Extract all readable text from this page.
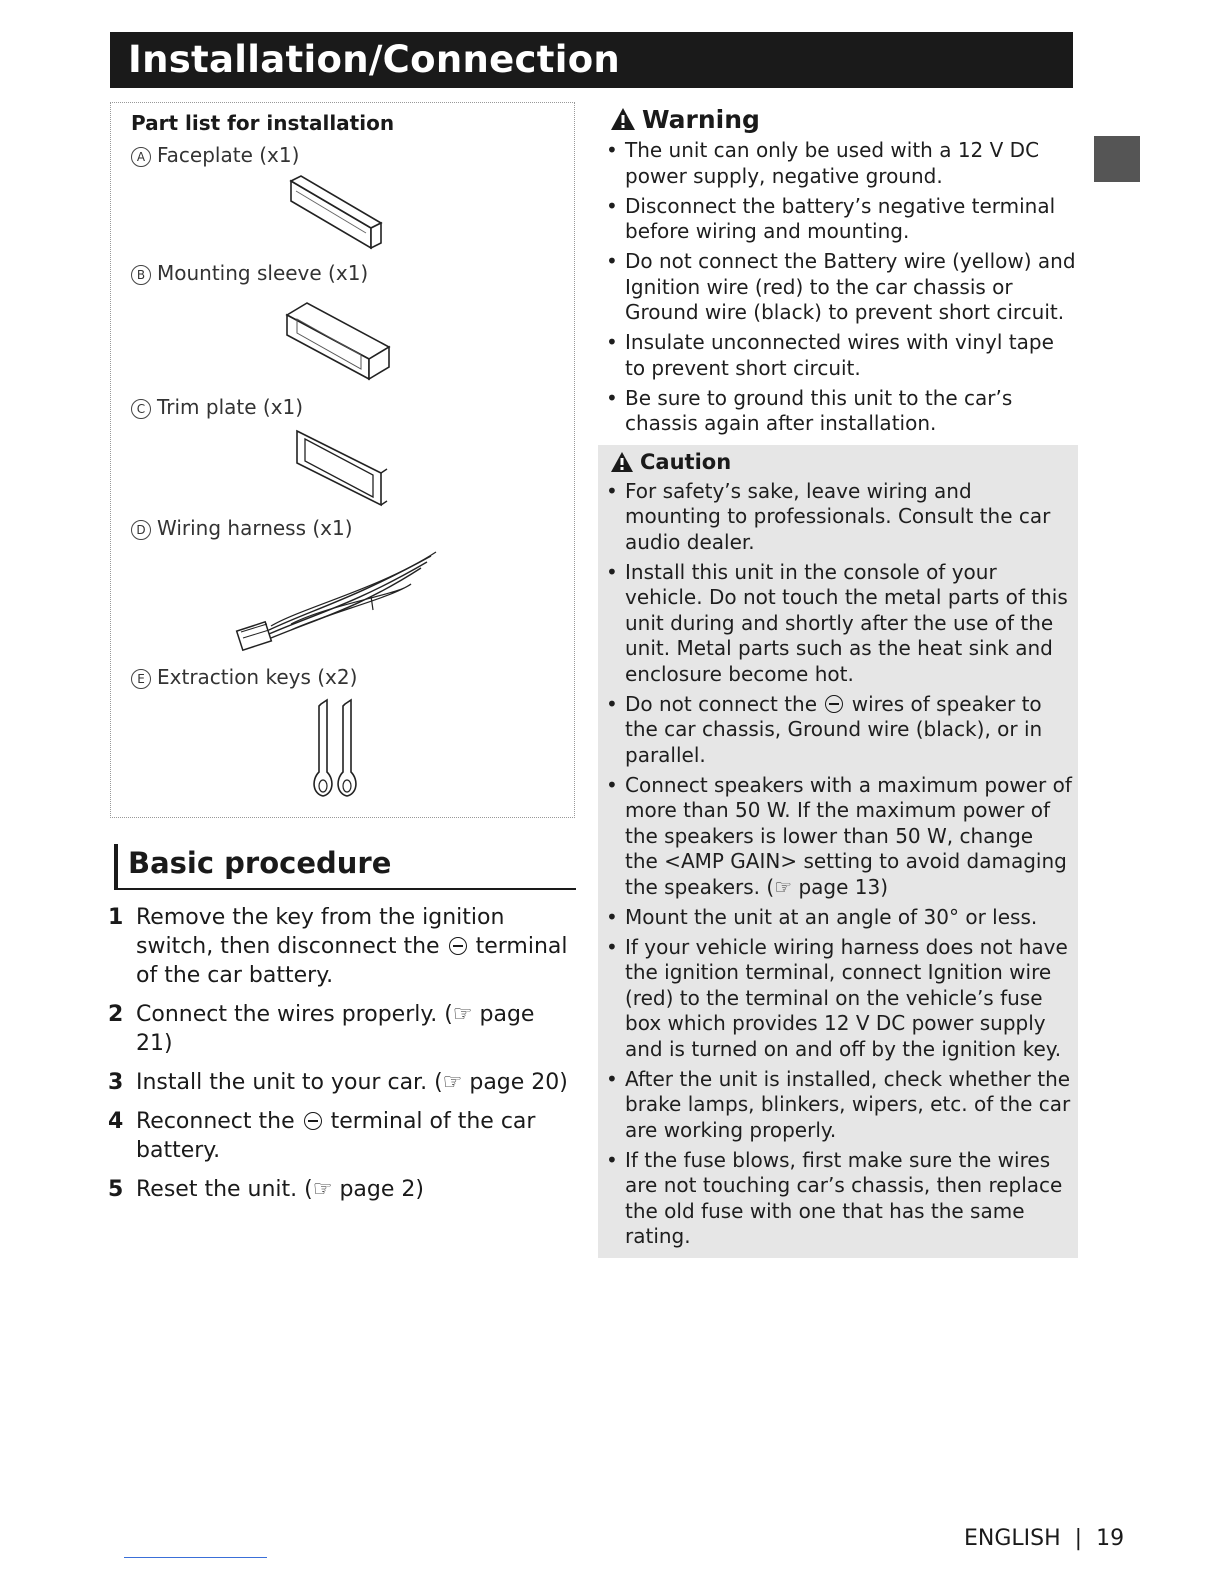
Installation/Connection
Part list for installation
A Faceplate (x1)
B Mounting sleeve (x1)
C Trim plate (x1)
D Wiring harness (x1)
E Extraction keys (x2)
Basic procedure
1 Remove the key from the ignition switch, then disconnect the terminal of the car battery.
2 Connect the wires properly. (☞ page 21)
3 Install the unit to your car. (☞ page 20)
4 Reconnect the terminal of the car battery.
5 Reset the unit. (☞ page 2)
Warning
• The unit can only be used with a 12 V DC power supply, negative ground.
• Disconnect the battery’s negative terminal before wiring and mounting.
• Do not connect the Battery wire (yellow) and Ignition wire (red) to the car chassis or Ground wire (black) to prevent short circuit.
• Insulate unconnected wires with vinyl tape to prevent short circuit.
• Be sure to ground this unit to the car’s chassis again after installation.
Caution
• For safety’s sake, leave wiring and mounting to professionals. Consult the car audio dealer.
• Install this unit in the console of your vehicle. Do not touch the metal parts of this unit during and shortly after the use of the unit. Metal parts such as the heat sink and enclosure become hot.
• Do not connect the wires of speaker to the car chassis, Ground wire (black), or in parallel.
• Connect speakers with a maximum power of more than 50 W. If the maximum power of the speakers is lower than 50 W, change the <AMP GAIN> setting to avoid damaging the speakers. (☞ page 13)
• Mount the unit at an angle of 30° or less.
• If your vehicle wiring harness does not have the ignition terminal, connect Ignition wire (red) to the terminal on the vehicle’s fuse box which provides 12 V DC power supply and is turned on and off by the ignition key.
• After the unit is installed, check whether the brake lamps, blinkers, wipers, etc. of the car are working properly.
• If the fuse blows, first make sure the wires are not touching car’s chassis, then replace the old fuse with one that has the same rating.
ENGLISH | 19
